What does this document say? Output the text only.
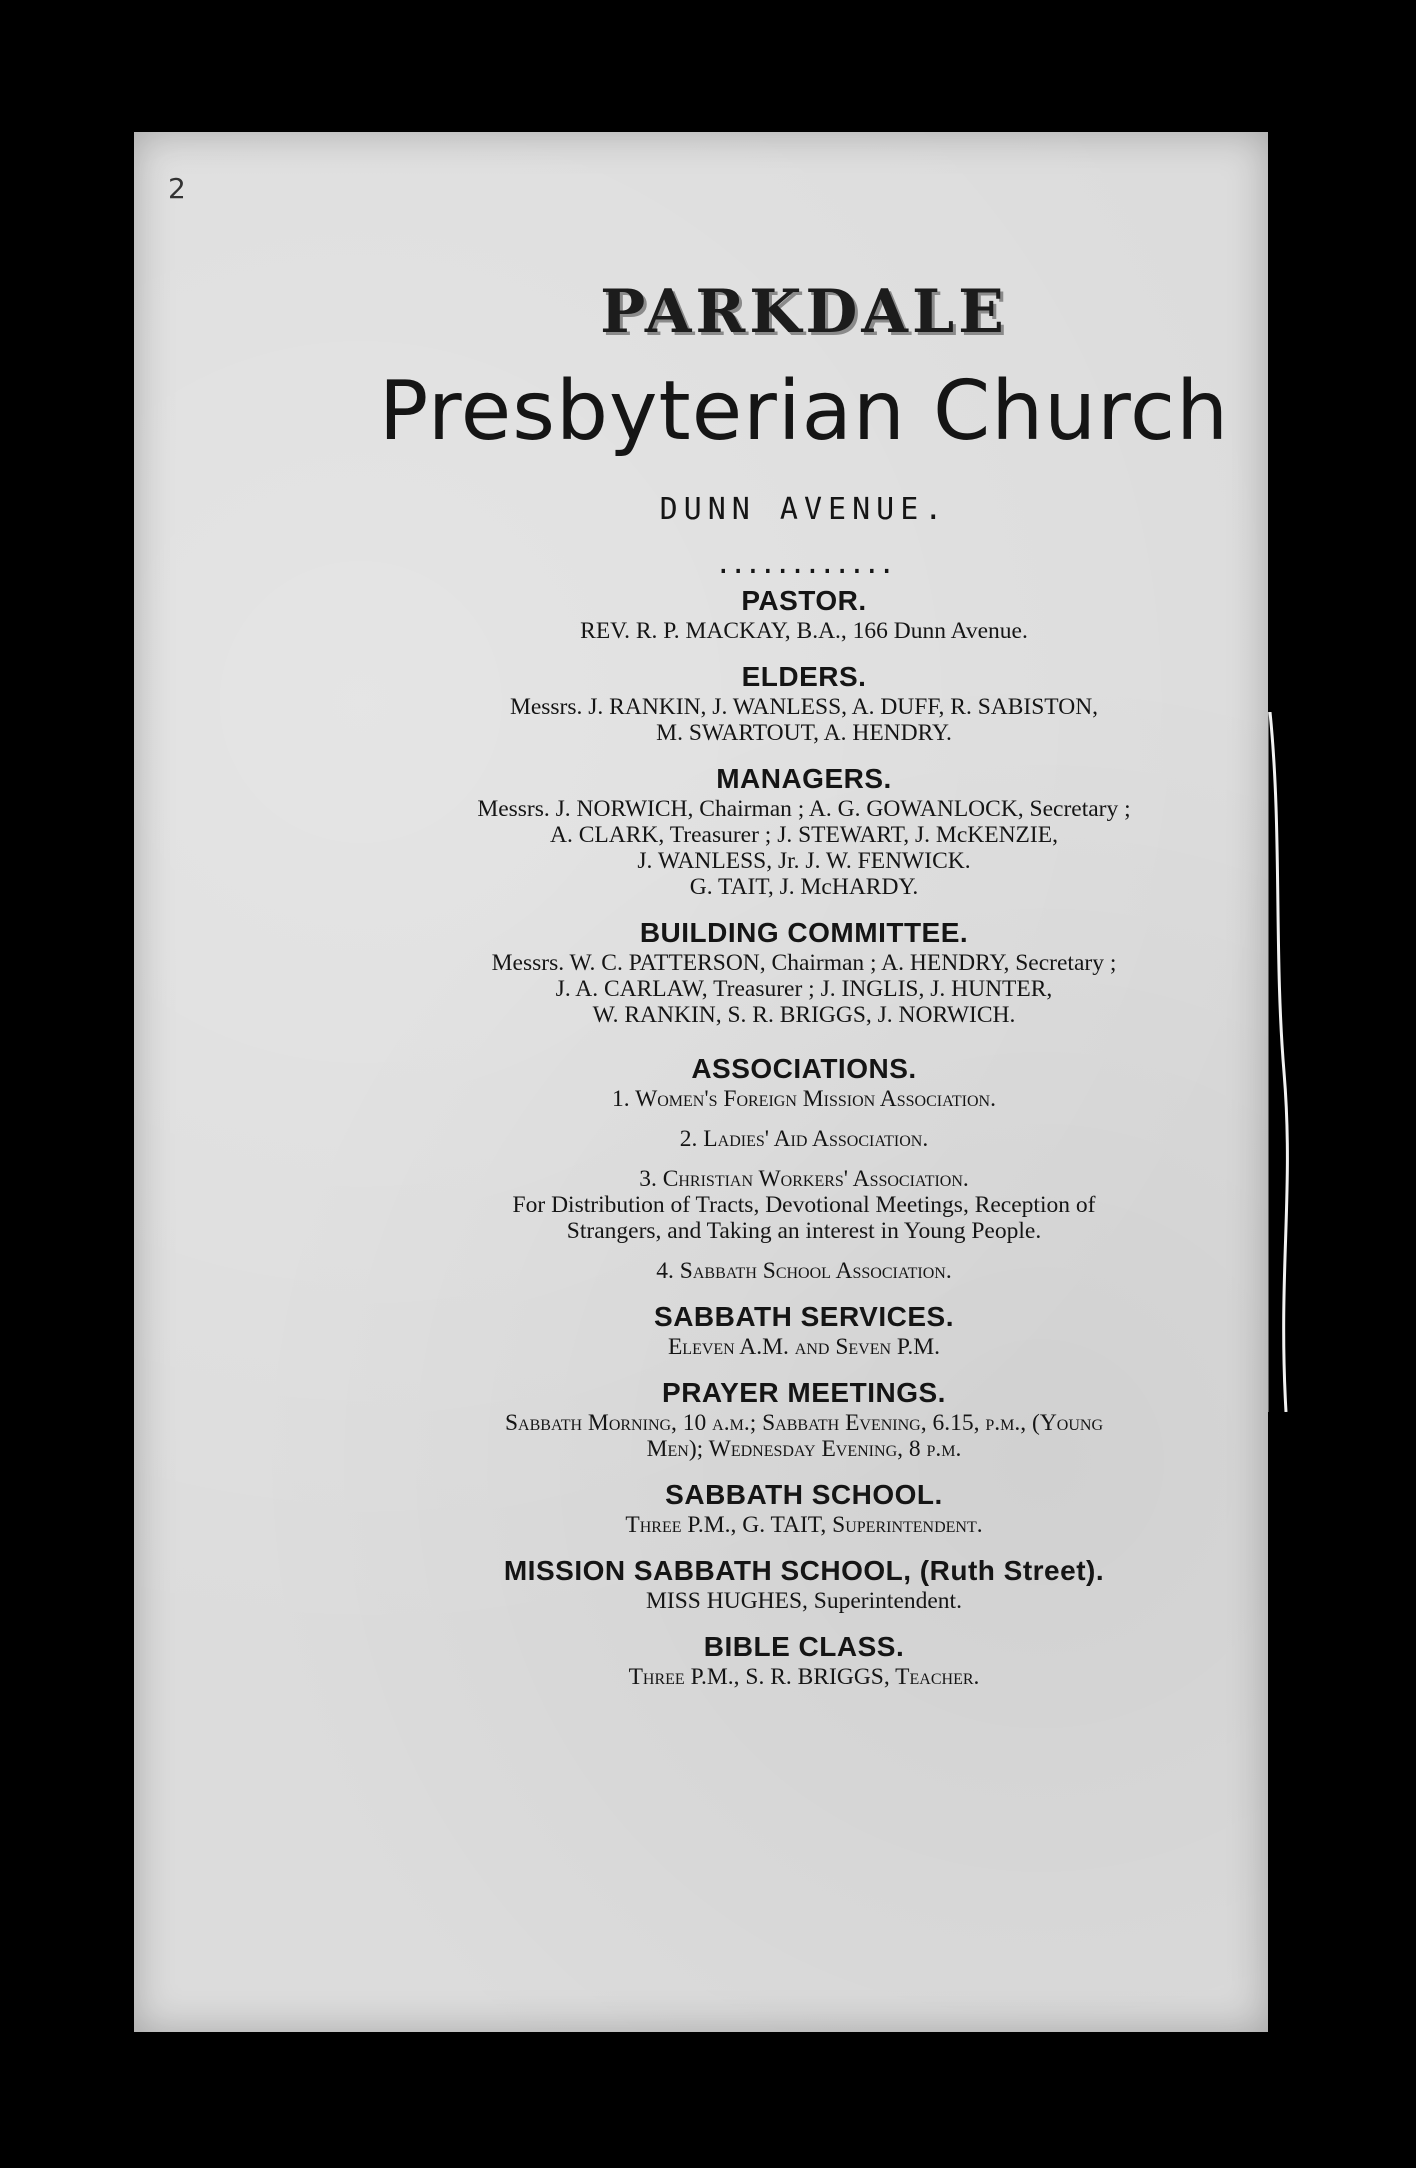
2
PARKDALE
Presbyterian Church
DUNN AVENUE.
............
PASTOR.

REV. R. P. MACKAY, B.A., 166 Dunn Avenue.

ELDERS.

Messrs. J. RANKIN, J. WANLESS, A. DUFF, R. SABISTON,

M. SWARTOUT, A. HENDRY.

MANAGERS.

Messrs. J. NORWICH, Chairman ; A. G. GOWANLOCK, Secretary ;

A. CLARK, Treasurer ; J. STEWART, J. McKENZIE,

J. WANLESS, Jr. J. W. FENWICK.

G. TAIT, J. McHARDY.

BUILDING COMMITTEE.

Messrs. W. C. PATTERSON, Chairman ; A. HENDRY, Secretary ;

J. A. CARLAW, Treasurer ; J. INGLIS, J. HUNTER,

W. RANKIN, S. R. BRIGGS, J. NORWICH.

ASSOCIATIONS.

1. Women's Foreign Mission Association.

2. Ladies' Aid Association.

3. Christian Workers' Association.

For Distribution of Tracts, Devotional Meetings, Reception of

Strangers, and Taking an interest in Young People.

4. Sabbath School Association.

SABBATH SERVICES.

Eleven A.M. and Seven P.M.

PRAYER MEETINGS.

Sabbath Morning, 10 a.m.; Sabbath Evening, 6.15, p.m., (Young

Men); Wednesday Evening, 8 p.m.

SABBATH SCHOOL.

Three P.M., G. TAIT, Superintendent.

MISSION SABBATH SCHOOL, (Ruth Street).

MISS HUGHES, Superintendent.

BIBLE CLASS.

Three P.M., S. R. BRIGGS, Teacher.
